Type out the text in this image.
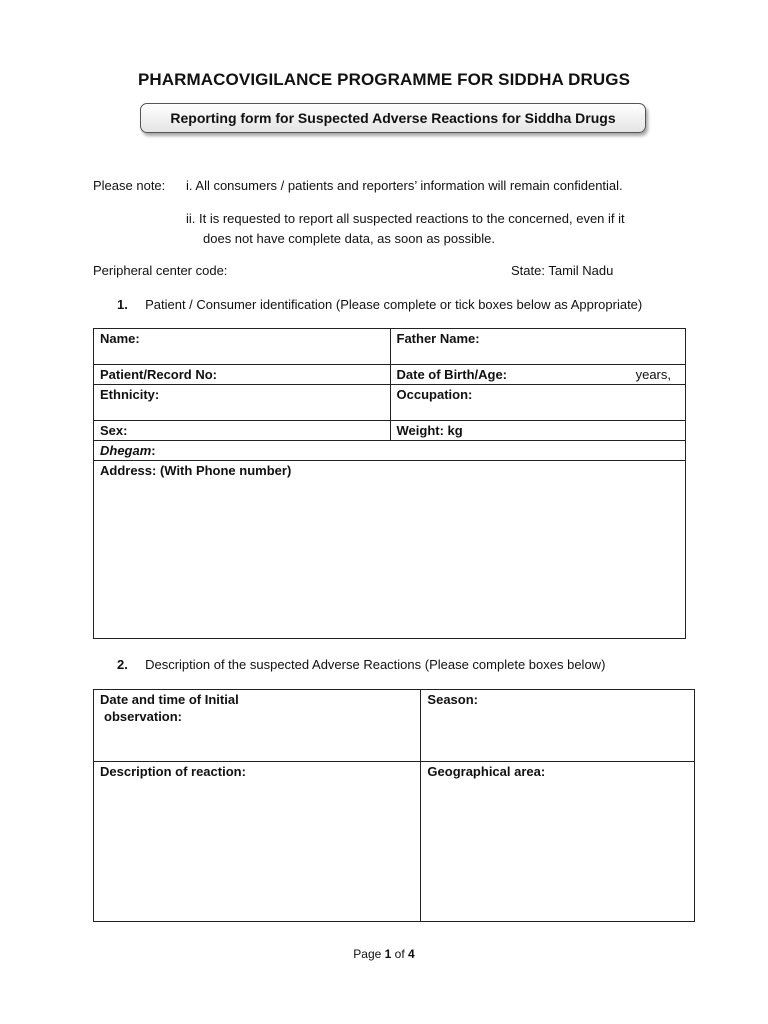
PHARMACOVIGILANCE PROGRAMME FOR SIDDHA DRUGS
Reporting form for Suspected Adverse Reactions for Siddha Drugs
Please note: i. All consumers / patients and reporters’ information will remain confidential.
ii. It is requested to report all suspected reactions to the concerned, even if it
does not have complete data, as soon as possible.
Peripheral center code:	State: Tamil Nadu
1. Patient / Consumer identification (Please complete or tick boxes below as Appropriate)
Name:	Father Name:
Patient/Record No:	Date of Birth/Age: years,

Ethnicity:	Occupation:
Sex:	Weight: kg
Dhegam:	
Address: (With Phone number)	
2. Description of the suspected Adverse Reactions (Please complete boxes below)
Date and time of Initial
observation:	Season:
Description of reaction:	Geographical area:
Page 1 of 4
